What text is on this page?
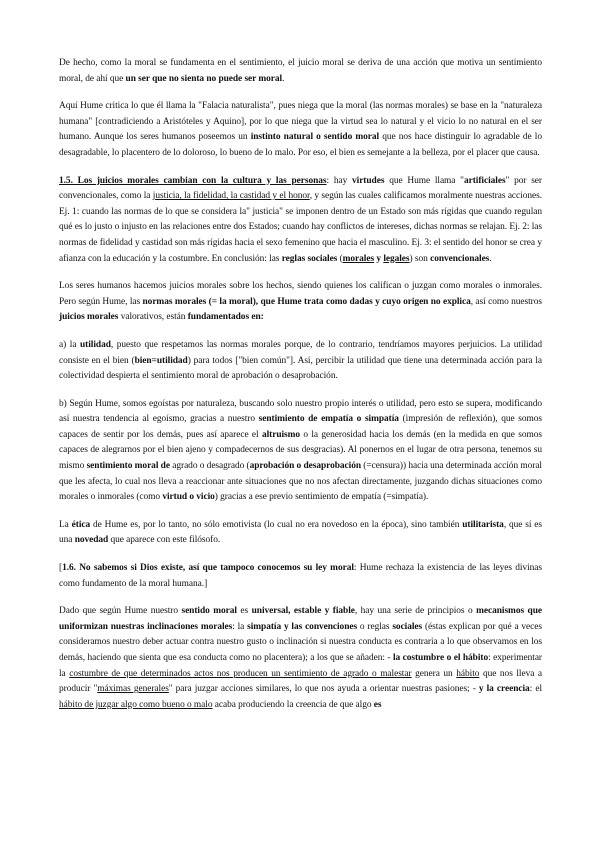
De hecho, como la moral se fundamenta en el sentimiento, el juicio moral se deriva de una acción que motiva un sentimiento moral, de ahí que un ser que no sienta no puede ser moral.

Aquí Hume critica lo que él llama la "Falacia naturalista", pues niega que la moral (las normas morales) se base en la "naturaleza humana" [contradiciendo a Aristóteles y Aquino], por lo que niega que la virtud sea lo natural y el vicio lo no natural en el ser humano. Aunque los seres humanos poseemos un instinto natural o sentido moral que nos hace distinguir lo agradable de lo desagradable, lo placentero de lo doloroso, lo bueno de lo malo. Por eso, el bien es semejante a la belleza, por el placer que causa.

1.5. Los juicios morales cambian con la cultura y las personas: hay virtudes que Hume llama "artificiales" por ser convencionales, como la justicia, la fidelidad, la castidad y el honor, y según las cuales calificamos moralmente nuestras acciones. Ej. 1: cuando las normas de lo que se considera la" justicia" se imponen dentro de un Estado son más rígidas que cuando regulan qué es lo justo o injusto en las relaciones entre dos Estados; cuando hay conflictos de intereses, dichas normas se relajan. Ej. 2: las normas de fidelidad y castidad son más rígidas hacia el sexo femenino que hacia el masculino. Ej. 3: el sentido del honor se crea y afianza con la educación y la costumbre. En conclusión: las reglas sociales (morales y legales) son convencionales.

Los seres humanos hacemos juicios morales sobre los hechos, siendo quienes los califican o juzgan como morales o inmorales. Pero según Hume, las normas morales (= la moral), que Hume trata como dadas y cuyo origen no explica, así como nuestros juicios morales valorativos, están fundamentados en:

a) la utilidad, puesto que respetamos las normas morales porque, de lo contrario, tendríamos mayores perjuicios. La utilidad consiste en el bien (bien=utilidad) para todos ["bien común"]. Así, percibir la utilidad que tiene una determinada acción para la colectividad despierta el sentimiento moral de aprobación o desaprobación.

b) Según Hume, somos egoístas por naturaleza, buscando solo nuestro propio interés o utilidad, pero esto se supera, modificando así nuestra tendencia al egoísmo, gracias a nuestro sentimiento de empatía o simpatía (impresión de reflexión), que somos capaces de sentir por los demás, pues así aparece el altruismo o la generosidad hacia los demás (en la medida en que somos capaces de alegrarnos por el bien ajeno y compadecernos de sus desgracias). Al ponernos en el lugar de otra persona, tenemos su mismo sentimiento moral de agrado o desagrado (aprobación o desaprobación (=censura)) hacia una determinada acción moral que les afecta, lo cual nos lleva a reaccionar ante situaciones que no nos afectan directamente, juzgando dichas situaciones como morales o inmorales (como virtud o vicio) gracias a ese previo sentimiento de empatía (=simpatía).

La ética de Hume es, por lo tanto, no sólo emotivista (lo cual no era novedoso en la época), sino también utilitarista, que sí es una novedad que aparece con este filósofo.

[1.6. No sabemos si Dios existe, así que tampoco conocemos su ley moral: Hume rechaza la existencia de las leyes divinas como fundamento de la moral humana.]

Dado que según Hume nuestro sentido moral es universal, estable y fiable, hay una serie de principios o mecanismos que uniformizan nuestras inclinaciones morales: la simpatía y las convenciones o reglas sociales (éstas explican por qué a veces consideramos nuestro deber actuar contra nuestro gusto o inclinación si nuestra conducta es contraria a lo que observamos en los demás, haciendo que sienta que esa conducta como no placentera); a los que se añaden: - la costumbre o el hábito: experimentar la costumbre de que determinados actos nos producen un sentimiento de agrado o malestar genera un hábito que nos lleva a producir "máximas generales" para juzgar acciones similares, lo que nos ayuda a orientar nuestras pasiones; - y la creencia: el hábito de juzgar algo como bueno o malo acaba produciendo la creencia de que algo es
